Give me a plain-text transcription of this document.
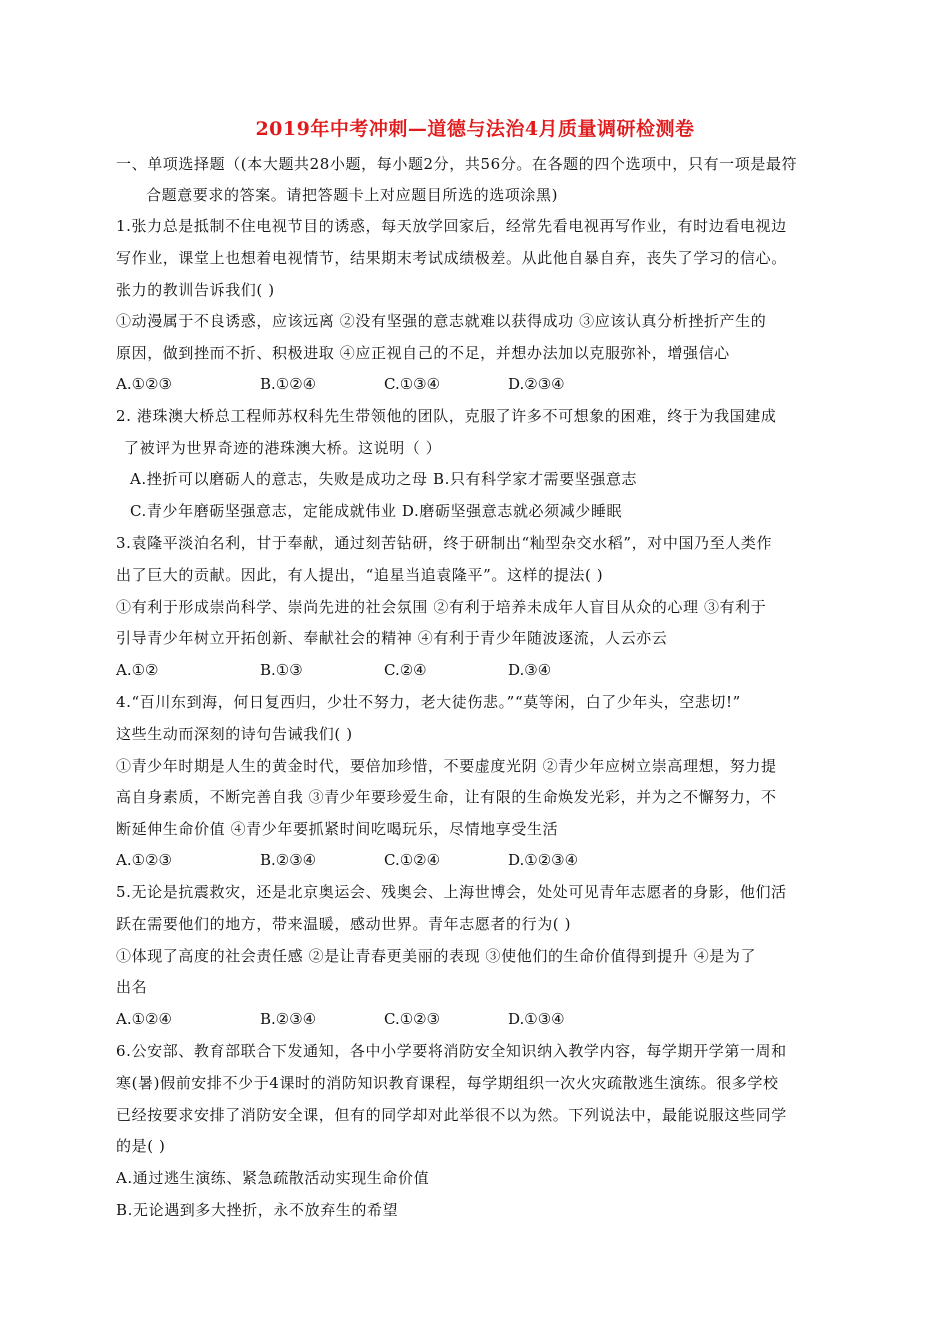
2019年中考冲刺—道德与法治4月质量调研检测卷
一、单项选择题（(本大题共28小题，每小题2分，共56分。在各题的四个选项中，只有一项是最符
合题意要求的答案。请把答题卡上对应题目所选的选项涂黑)
1.张力总是抵制不住电视节目的诱惑，每天放学回家后，经常先看电视再写作业，有时边看电视边
写作业，课堂上也想着电视情节，结果期末考试成绩极差。从此他自暴自弃，丧失了学习的信心。
张力的教训告诉我们( )
①动漫属于不良诱惑，应该远离 ②没有坚强的意志就难以获得成功 ③应该认真分析挫折产生的
原因，做到挫而不折、积极进取 ④应正视自己的不足，并想办法加以克服弥补，增强信心
A.①②③	B.①②④	C.①③④	D.②③④
2. 港珠澳大桥总工程师苏权科先生带领他的团队，克服了许多不可想象的困难，终于为我国建成
了被评为世界奇迹的港珠澳大桥。这说明（ ）
A.挫折可以磨砺人的意志，失败是成功之母 B.只有科学家才需要坚强意志
C.青少年磨砺坚强意志，定能成就伟业 D.磨砺坚强意志就必须减少睡眠
3.袁隆平淡泊名利，甘于奉献，通过刻苦钻研，终于研制出“籼型杂交水稻”，对中国乃至人类作
出了巨大的贡献。因此，有人提出，“追星当追袁隆平”。这样的提法( )
①有利于形成崇尚科学、崇尚先进的社会氛围 ②有利于培养未成年人盲目从众的心理 ③有利于
引导青少年树立开拓创新、奉献社会的精神 ④有利于青少年随波逐流，人云亦云
A.①②	B.①③	C.②④	D.③④
4.“百川东到海，何日复西归，少壮不努力，老大徒伤悲。”“莫等闲，白了少年头，空悲切!”
这些生动而深刻的诗句告诫我们( )
①青少年时期是人生的黄金时代，要倍加珍惜，不要虚度光阴 ②青少年应树立崇高理想，努力提
高自身素质，不断完善自我 ③青少年要珍爱生命，让有限的生命焕发光彩，并为之不懈努力，不
断延伸生命价值 ④青少年要抓紧时间吃喝玩乐，尽情地享受生活
A.①②③	B.②③④	C.①②④	D.①②③④
5.无论是抗震救灾，还是北京奥运会、残奥会、上海世博会，处处可见青年志愿者的身影，他们活
跃在需要他们的地方，带来温暖，感动世界。青年志愿者的行为( )
①体现了高度的社会责任感 ②是让青春更美丽的表现 ③使他们的生命价值得到提升 ④是为了
出名
A.①②④	B.②③④	C.①②③	D.①③④
6.公安部、教育部联合下发通知，各中小学要将消防安全知识纳入教学内容，每学期开学第一周和
寒(暑)假前安排不少于4课时的消防知识教育课程，每学期组织一次火灾疏散逃生演练。很多学校
已经按要求安排了消防安全课，但有的同学却对此举很不以为然。下列说法中，最能说服这些同学
的是( )
A.通过逃生演练、紧急疏散活动实现生命价值
B.无论遇到多大挫折，永不放弃生的希望
